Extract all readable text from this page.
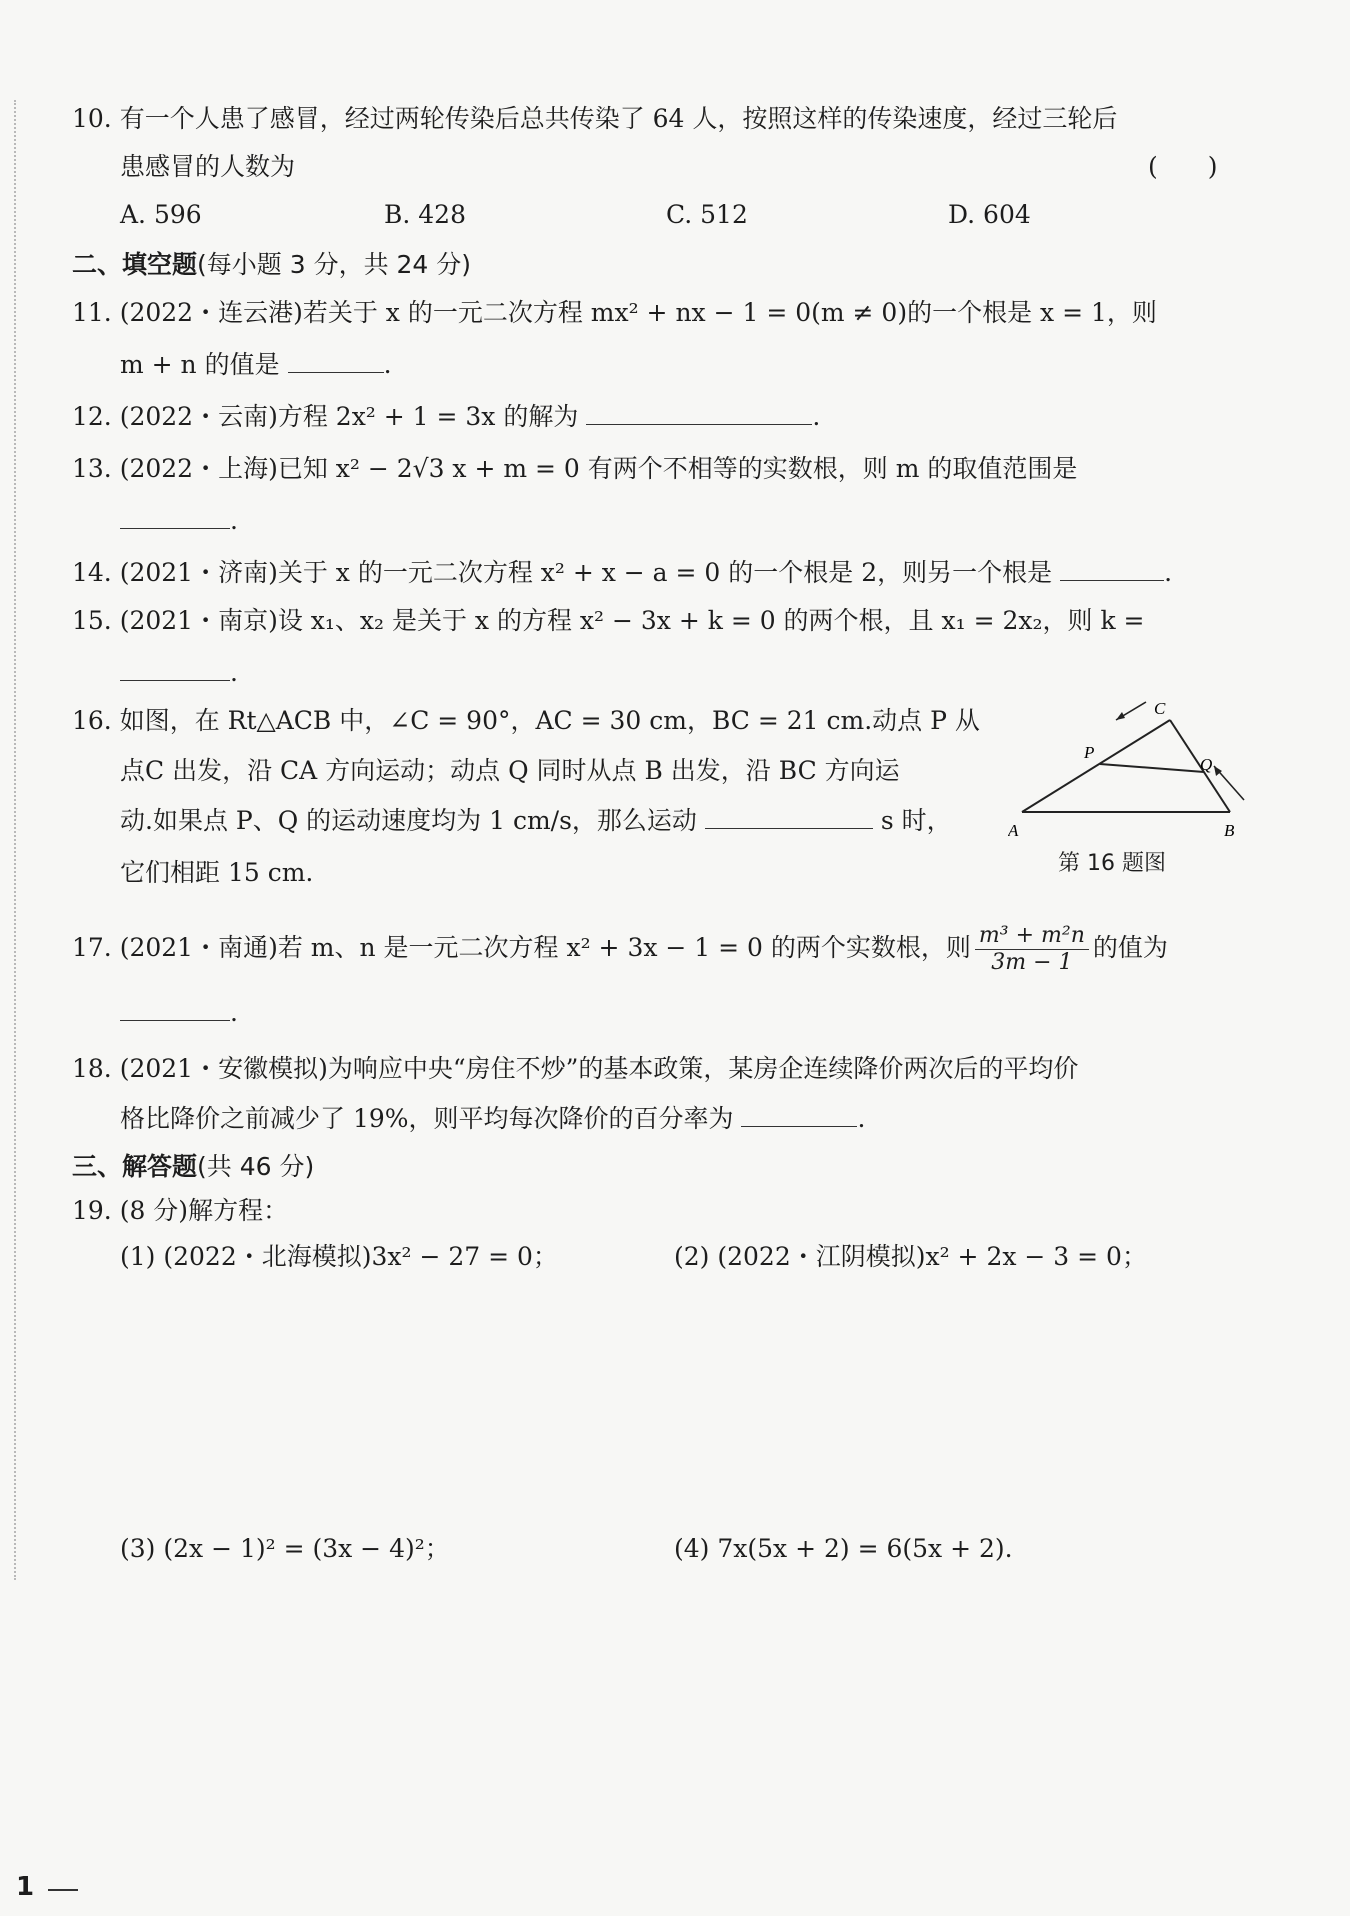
10. 有一个人患了感冒，经过两轮传染后总共传染了 64 人，按照这样的传染速度，经过三轮后
患感冒的人数为	(　　)
A. 596	B. 428	C. 512	D. 604
二、填空题(每小题 3 分，共 24 分)
11. (2022・连云港)若关于 x 的一元二次方程 mx² + nx − 1 = 0(m ≠ 0)的一个根是 x = 1，则
m + n 的值是	.
12. (2022・云南)方程 2x² + 1 = 3x 的解为	.
13. (2022・上海)已知 x² − 2√3 x + m = 0 有两个不相等的实数根，则 m 的取值范围是
.
14. (2021・济南)关于 x 的一元二次方程 x² + x − a = 0 的一个根是 2，则另一个根是	.
15. (2021・南京)设 x₁、x₂ 是关于 x 的方程 x² − 3x + k = 0 的两个根，且 x₁ = 2x₂，则 k =
.
16. 如图，在 Rt△ACB 中，∠C = 90°，AC = 30 cm，BC = 21 cm.动点 P 从
点C 出发，沿 CA 方向运动；动点 Q 同时从点 B 出发，沿 BC 方向运
动.如果点 P、Q 的运动速度均为 1 cm/s，那么运动	s 时，
它们相距 15 cm.
A	B
C
P
Q
第 16 题图
17. (2021・南通)若 m、n 是一元二次方程 x² + 3x − 1 = 0 的两个实数根，则 $\frac{\text{m³ + m²n}}{3m - 1}$ 的值为
.
18. (2021・安徽模拟)为响应中央“房住不炒”的基本政策，某房企连续降价两次后的平均价
格比降价之前减少了 19%，则平均每次降价的百分率为	.
三、解答题(共 46 分)
19. (8 分)解方程：
(1) (2022・北海模拟)3x² − 27 = 0；	(2) (2022・江阴模拟)x² + 2x − 3 = 0；
(3) (2x − 1)² = (3x − 4)²；	(4) 7x(5x + 2) = 6(5x + 2).
1
